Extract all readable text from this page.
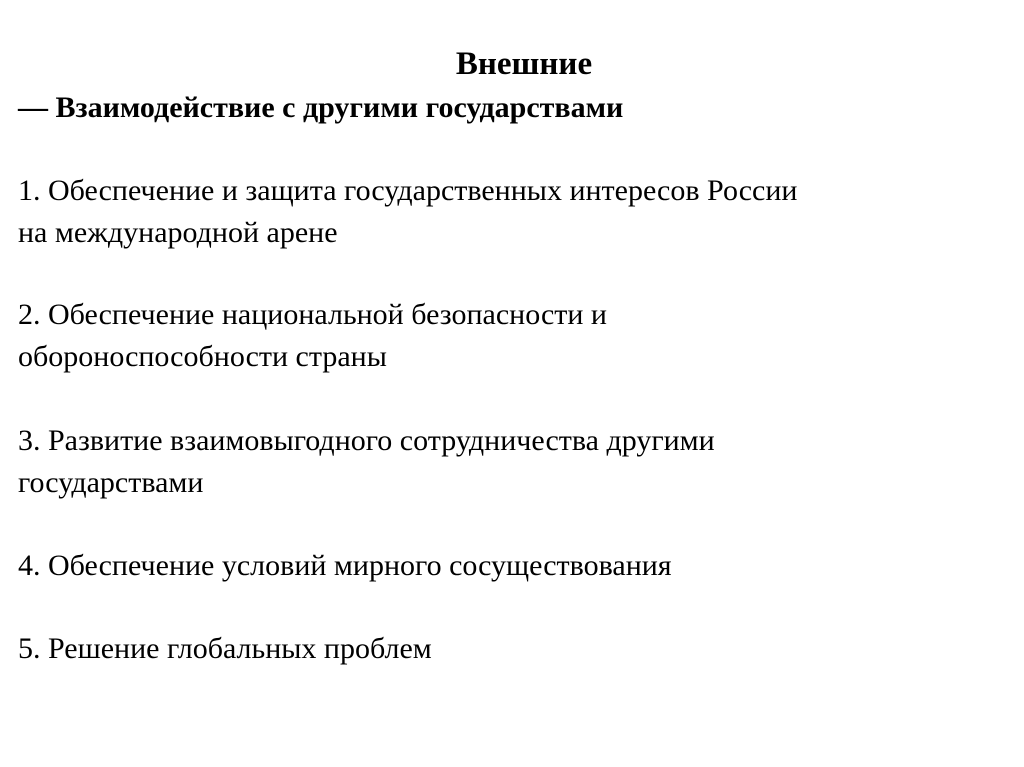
Внешние

— Взаимодействие с другими государствами

1. Обеспечение и защита государственных интересов России
на международной арене

2. Обеспечение национальной безопасности и
обороноспособности страны

3. Развитие взаимовыгодного сотрудничества другими
государствами

4. Обеспечение условий мирного сосуществования

5. Решение глобальных проблем
